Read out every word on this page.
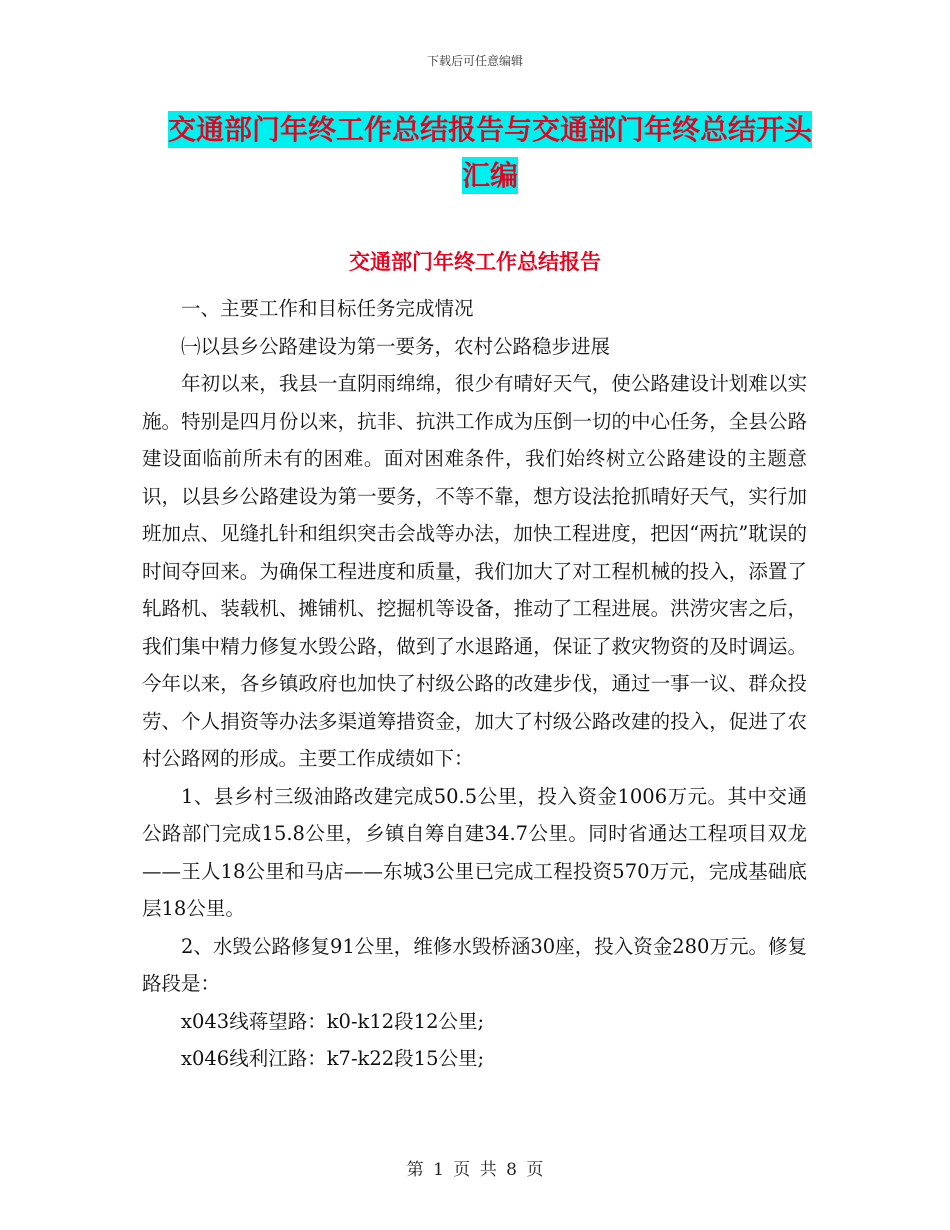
下载后可任意编辑
交通部门年终工作总结报告与交通部门年终总结开头
汇编
交通部门年终工作总结报告

一、主要工作和目标任务完成情况

㈠以县乡公路建设为第一要务，农村公路稳步进展

年初以来，我县一直阴雨绵绵，很少有晴好天气，使公路建设计划难以实施。特别是四月份以来，抗非、抗洪工作成为压倒一切的中心任务，全县公路建设面临前所未有的困难。面对困难条件，我们始终树立公路建设的主题意识，以县乡公路建设为第一要务，不等不靠，想方设法抢抓晴好天气，实行加班加点、见缝扎针和组织突击会战等办法，加快工程进度，把因“两抗”耽误的时间夺回来。为确保工程进度和质量，我们加大了对工程机械的投入，添置了轧路机、装载机、摊铺机、挖掘机等设备，推动了工程进展。洪涝灾害之后，我们集中精力修复水毁公路，做到了水退路通，保证了救灾物资的及时调运。今年以来，各乡镇政府也加快了村级公路的改建步伐，通过一事一议、群众投劳、个人捐资等办法多渠道筹措资金，加大了村级公路改建的投入，促进了农村公路网的形成。主要工作成绩如下：

1、县乡村三级油路改建完成50.5公里，投入资金1006万元。其中交通公路部门完成15.8公里，乡镇自筹自建34.7公里。同时省通达工程项目双龙——王人18公里和马店——东城3公里已完成工程投资570万元，完成基础底层18公里。

2、水毁公路修复91公里，维修水毁桥涵30座，投入资金280万元。修复路段是：

x043线蒋望路：k0-k12段12公里;

x046线利江路：k7-k22段15公里;

第 1 页 共 8 页
